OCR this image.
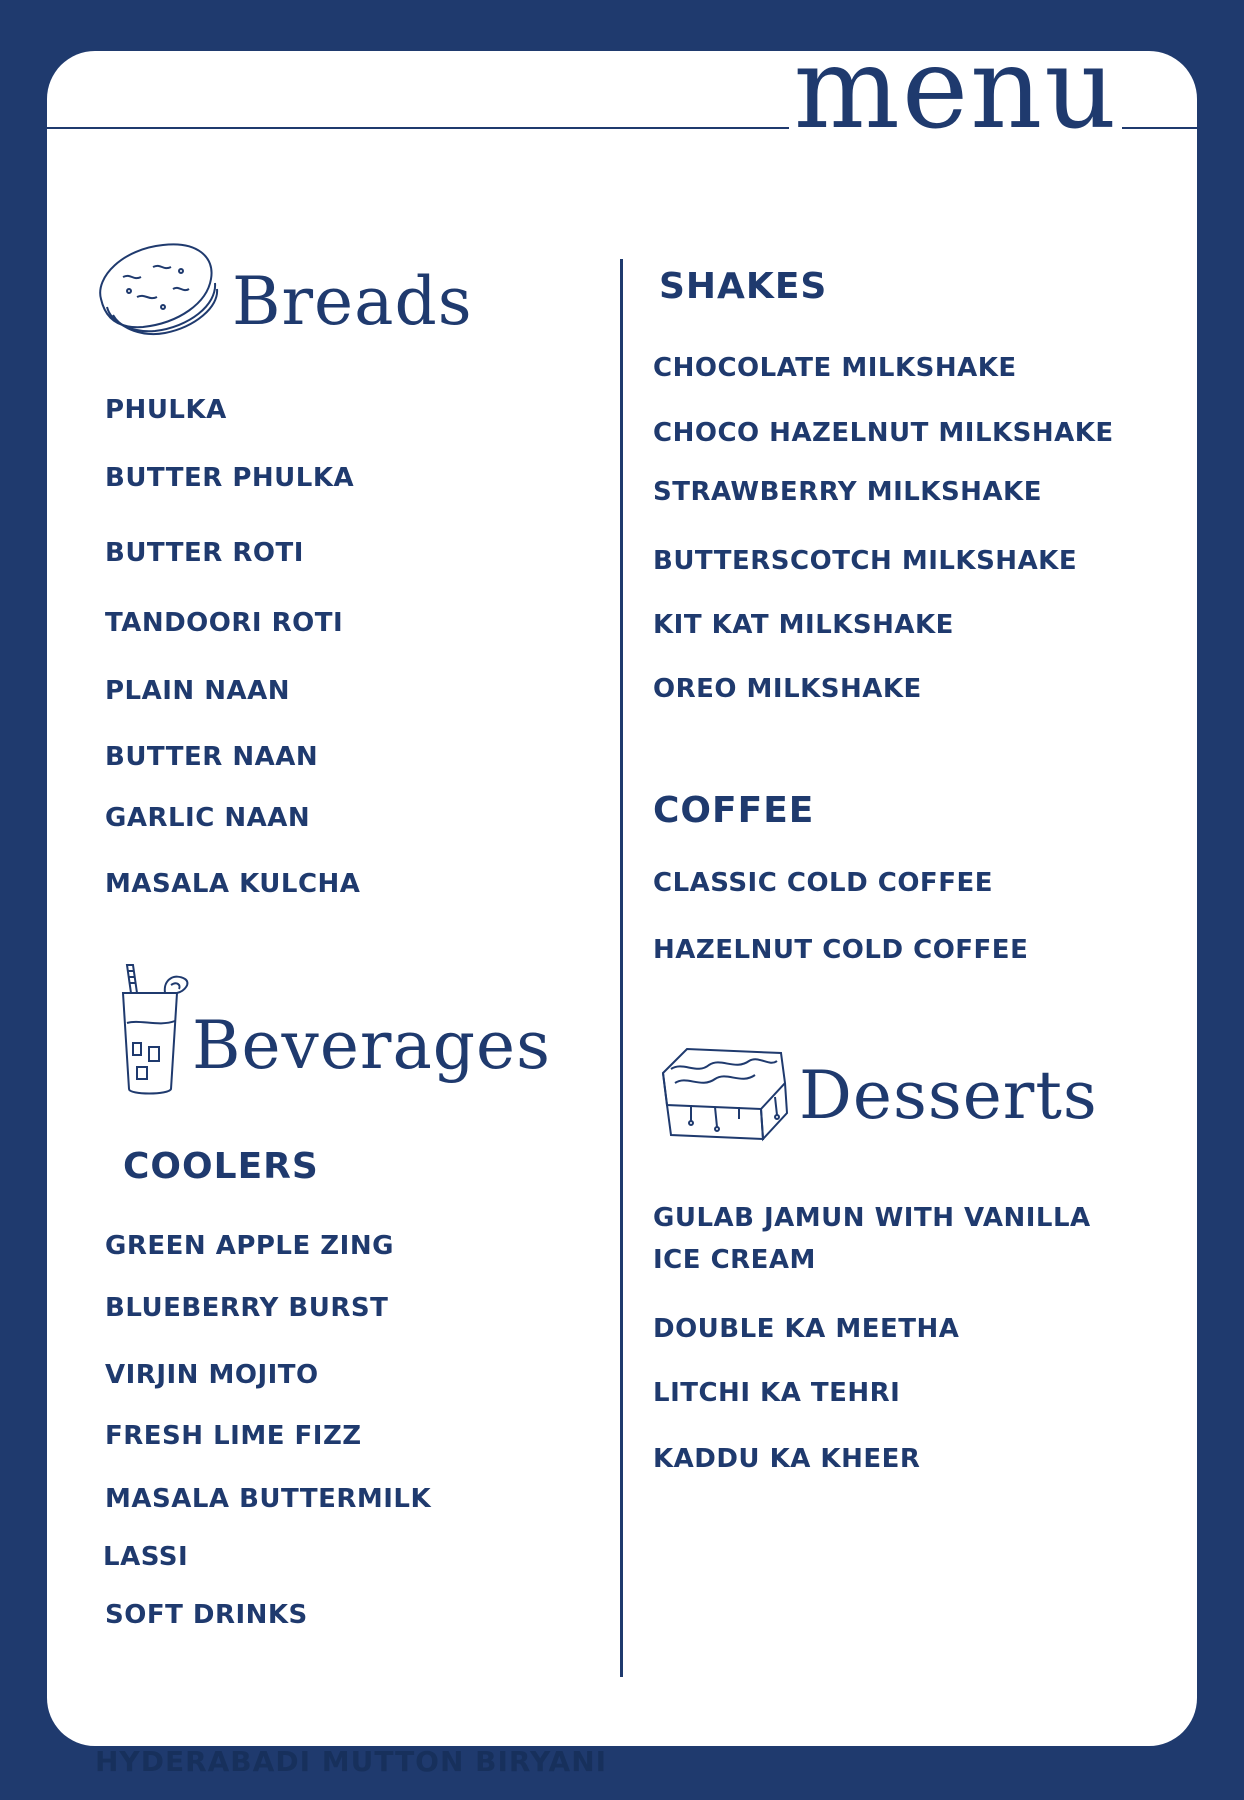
menu
Breads
PHULKA
BUTTER PHULKA
BUTTER ROTI
TANDOORI ROTI
PLAIN NAAN
BUTTER NAAN
GARLIC NAAN
MASALA KULCHA
Beverages
COOLERS
GREEN APPLE ZING
BLUEBERRY BURST
VIRJIN MOJITO
FRESH LIME FIZZ
MASALA BUTTERMILK
LASSI
SOFT DRINKS
SHAKES
CHOCOLATE MILKSHAKE
CHOCO HAZELNUT MILKSHAKE
STRAWBERRY MILKSHAKE
BUTTERSCOTCH MILKSHAKE
KIT KAT MILKSHAKE
OREO MILKSHAKE
COFFEE
CLASSIC COLD COFFEE
HAZELNUT COLD COFFEE
Desserts
GULAB JAMUN WITH VANILLA ICE CREAM
DOUBLE KA MEETHA
LITCHI KA TEHRI
KADDU KA KHEER
HYDERABADI MUTTON BIRYANI
